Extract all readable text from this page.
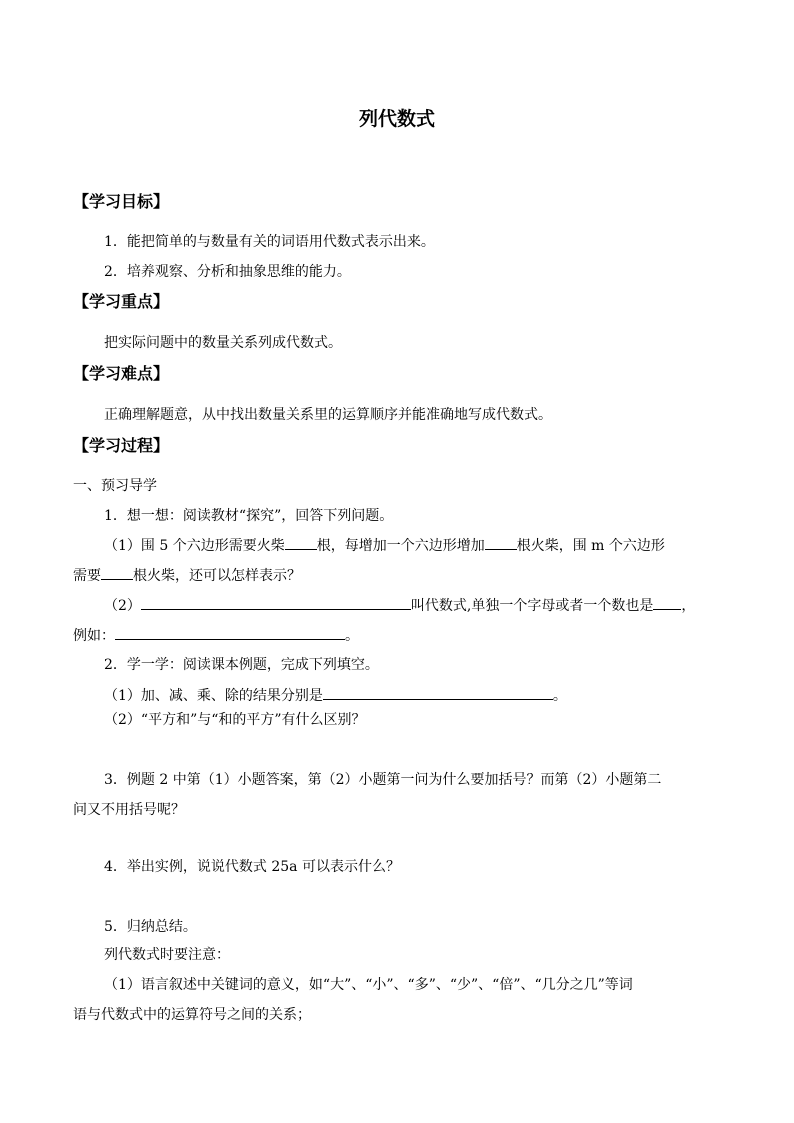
列代数式
【学习目标】
1．能把简单的与数量有关的词语用代数式表示出来。
2．培养观察、分析和抽象思维的能力。
【学习重点】
把实际问题中的数量关系列成代数式。
【学习难点】
正确理解题意，从中找出数量关系里的运算顺序并能准确地写成代数式。
【学习过程】
一、预习导学
1．想一想：阅读教材“探究”，回答下列问题。
（1）围 5 个六边形需要火柴 根，每增加一个六边形增加 根火柴，围 m 个六边形
需要 根火柴，还可以怎样表示？
（2）	叫代数式,单独一个字母或者一个数也是 ，
例如：	。
2．学一学：阅读课本例题，完成下列填空。
（1）加、减、乘、除的结果分别是	。
（2）“平方和”与“和的平方”有什么区别？
3．例题 2 中第（1）小题答案，第（2）小题第一问为什么要加括号？而第（2）小题第二
问又不用括号呢？
4．举出实例，说说代数式 25a 可以表示什么？
5．归纳总结。
列代数式时要注意：
（1）语言叙述中关键词的意义，如“大”、“小”、“多”、“少”、“倍”、“几分之几”等词
语与代数式中的运算符号之间的关系；
